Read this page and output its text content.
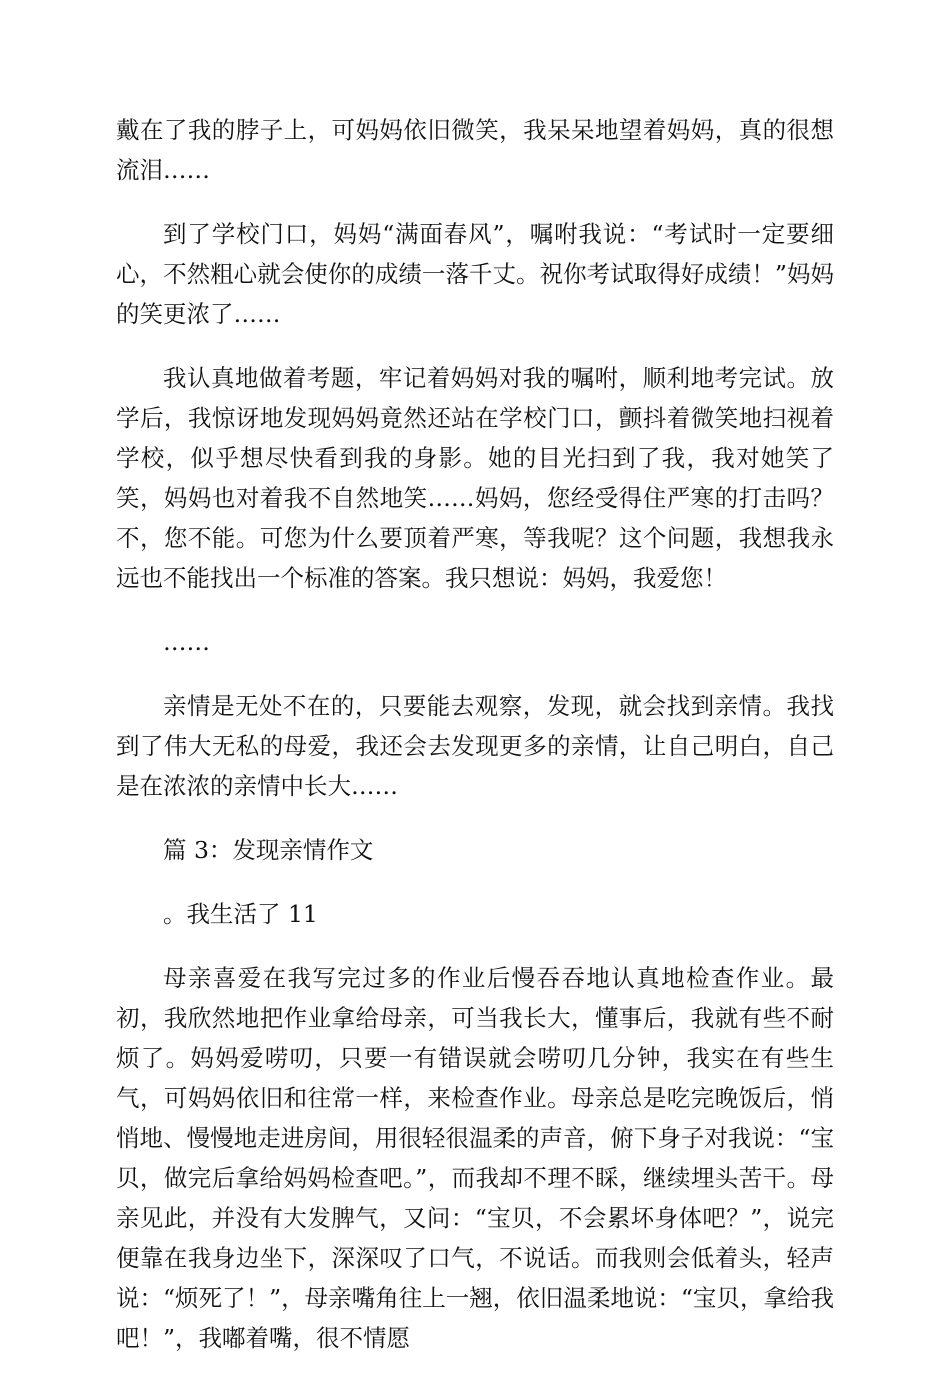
戴在了我的脖子上，可妈妈依旧微笑，我呆呆地望着妈妈，真的很想流泪……

到了学校门口，妈妈“满面春风”，嘱咐我说：“考试时一定要细心，不然粗心就会使你的成绩一落千丈。祝你考试取得好成绩！”妈妈的笑更浓了……

我认真地做着考题，牢记着妈妈对我的嘱咐，顺利地考完试。放学后，我惊讶地发现妈妈竟然还站在学校门口，颤抖着微笑地扫视着学校，似乎想尽快看到我的身影。她的目光扫到了我，我对她笑了笑，妈妈也对着我不自然地笑……妈妈，您经受得住严寒的打击吗？不，您不能。可您为什么要顶着严寒，等我呢？这个问题，我想我永远也不能找出一个标准的答案。我只想说：妈妈，我爱您！

……

亲情是无处不在的，只要能去观察，发现，就会找到亲情。我找到了伟大无私的母爱，我还会去发现更多的亲情，让自己明白，自己是在浓浓的亲情中长大……

篇 3：发现亲情作文

。我生活了 11

母亲喜爱在我写完过多的作业后慢吞吞地认真地检查作业。最初，我欣然地把作业拿给母亲，可当我长大，懂事后，我就有些不耐烦了。妈妈爱唠叨，只要一有错误就会唠叨几分钟，我实在有些生气，可妈妈依旧和往常一样，来检查作业。母亲总是吃完晚饭后，悄悄地、慢慢地走进房间，用很轻很温柔的声音，俯下身子对我说：“宝贝，做完后拿给妈妈检查吧。”，而我却不理不睬，继续埋头苦干。母亲见此，并没有大发脾气，又问：“宝贝，不会累坏身体吧？”，说完便靠在我身边坐下，深深叹了口气，不说话。而我则会低着头，轻声说：“烦死了！”，母亲嘴角往上一翘，依旧温柔地说：“宝贝，拿给我吧！”，我嘟着嘴，很不情愿
